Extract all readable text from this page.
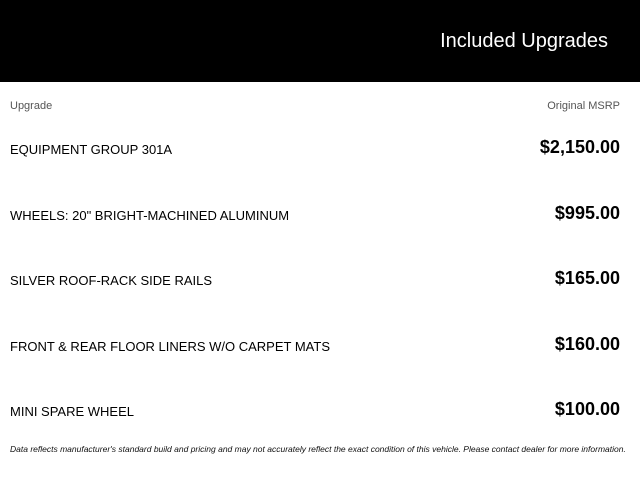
Included Upgrades
Upgrade	Original MSRP
EQUIPMENT GROUP 301A	$2,150.00
WHEELS: 20" BRIGHT-MACHINED ALUMINUM	$995.00
SILVER ROOF-RACK SIDE RAILS	$165.00
FRONT & REAR FLOOR LINERS W/O CARPET MATS	$160.00
MINI SPARE WHEEL	$100.00
Data reflects manufacturer's standard build and pricing and may not accurately reflect the exact condition of this vehicle. Please contact dealer for more information.
